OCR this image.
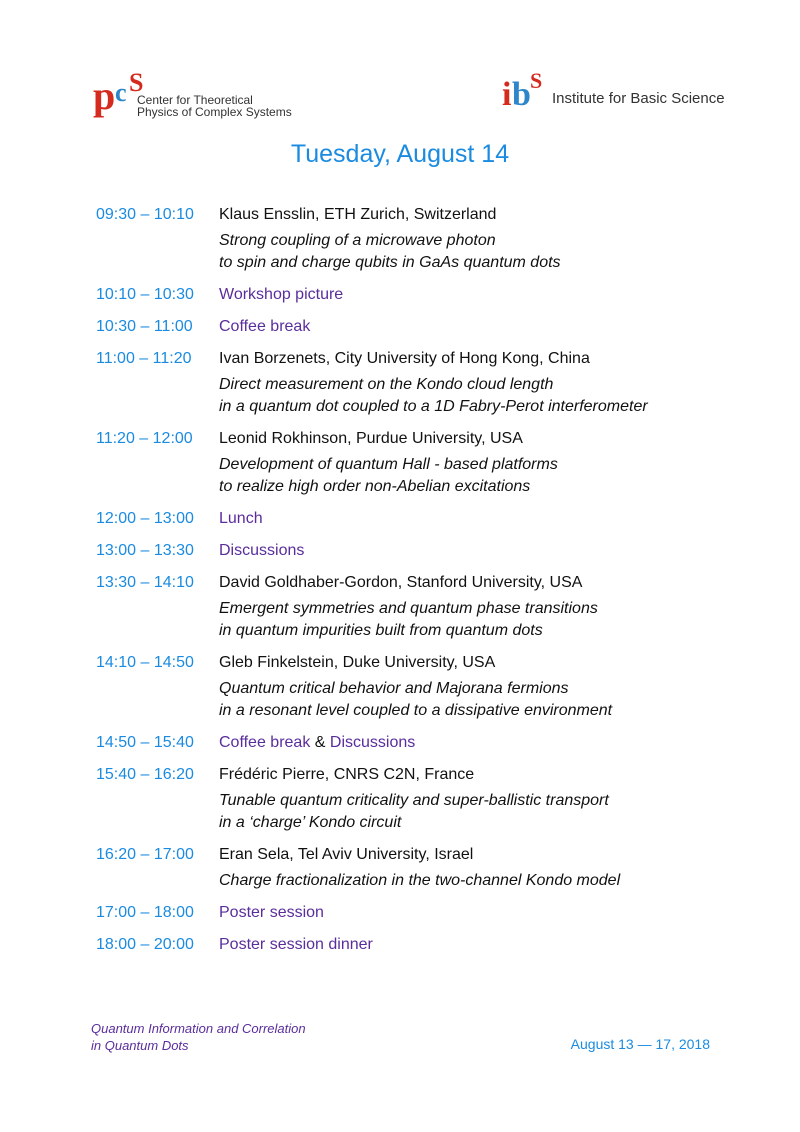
p c S
Center for Theoretical
Physics of Complex Systems	i b S
Institute for Basic Science
Tuesday, August 14
09:30 – 10:10	Klaus Ensslin, ETH Zurich, Switzerland
Strong coupling of a microwave photon
to spin and charge qubits in GaAs quantum dots
10:10 – 10:30	Workshop picture
10:30 – 11:00	Coffee break
11:00 – 11:20	Ivan Borzenets, City University of Hong Kong, China
Direct measurement on the Kondo cloud length
in a quantum dot coupled to a 1D Fabry-Perot interferometer
11:20 – 12:00	Leonid Rokhinson, Purdue University, USA
Development of quantum Hall - based platforms
to realize high order non-Abelian excitations
12:00 – 13:00	Lunch
13:00 – 13:30	Discussions
13:30 – 14:10	David Goldhaber-Gordon, Stanford University, USA
Emergent symmetries and quantum phase transitions
in quantum impurities built from quantum dots
14:10 – 14:50	Gleb Finkelstein, Duke University, USA
Quantum critical behavior and Majorana fermions
in a resonant level coupled to a dissipative environment
14:50 – 15:40	Coffee break & Discussions
15:40 – 16:20	Frédéric Pierre, CNRS C2N, France
Tunable quantum criticality and super-ballistic transport
in a ‘charge’ Kondo circuit
16:20 – 17:00	Eran Sela, Tel Aviv University, Israel
Charge fractionalization in the two-channel Kondo model
17:00 – 18:00	Poster session
18:00 – 20:00	Poster session dinner
Quantum Information and Correlation
in Quantum Dots	August 13 — 17, 2018
